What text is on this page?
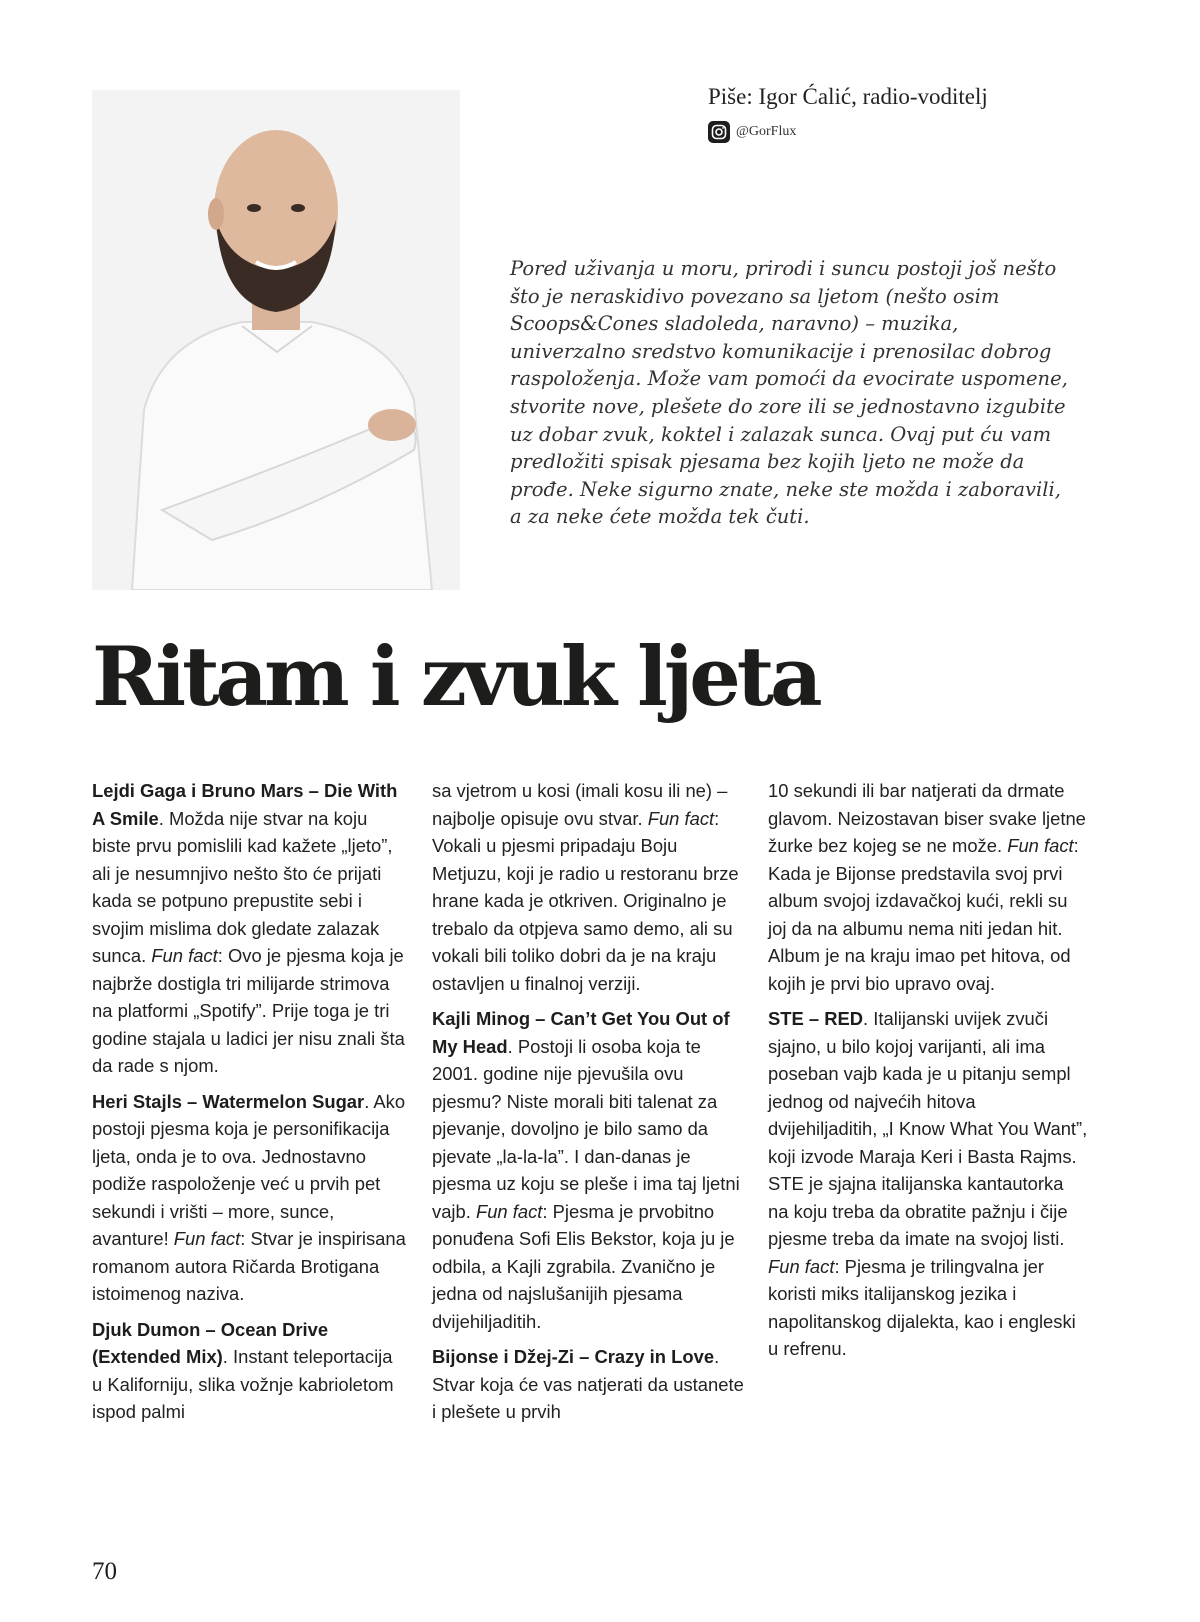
Piše: Igor Ćalić, radio-voditelj
@GorFlux

Pored uživanja u moru, prirodi i suncu postoji još nešto što je neraskidivo povezano sa ljetom (nešto osim Scoops&Cones sladoleda, naravno) – muzika, univerzalno sredstvo komunikacije i prenosilac dobrog raspoloženja. Može vam pomoći da evocirate uspomene, stvorite nove, plešete do zore ili se jednostavno izgubite uz dobar zvuk, koktel i zalazak sunca. Ovaj put ću vam predložiti spisak pjesama bez kojih ljeto ne može da prođe. Neke sigurno znate, neke ste možda i zaboravili, a za neke ćete možda tek čuti.

Ritam i zvuk ljeta

Lejdi Gaga i Bruno Mars – Die With A Smile. Možda nije stvar na koju biste prvu pomislili kad kažete „ljeto”, ali je nesumnjivo nešto što će prijati kada se potpuno prepustite sebi i svojim mislima dok gledate zalazak sunca. Fun fact: Ovo je pjesma koja je najbrže dostigla tri milijarde strimova na platformi „Spotify”. Prije toga je tri godine stajala u ladici jer nisu znali šta da rade s njom.

Heri Stajls – Watermelon Sugar. Ako postoji pjesma koja je personifikacija ljeta, onda je to ova. Jednostavno podiže raspoloženje već u prvih pet sekundi i vrišti – more, sunce, avanture! Fun fact: Stvar je inspirisana romanom autora Ričarda Brotigana istoimenog naziva.

Djuk Dumon – Ocean Drive (Extended Mix). Instant teleportacija u Kaliforniju, slika vožnje kabrioletom ispod palmi

sa vjetrom u kosi (imali kosu ili ne) – najbolje opisuje ovu stvar. Fun fact: Vokali u pjesmi pripadaju Boju Metjuzu, koji je radio u restoranu brze hrane kada je otkriven. Originalno je trebalo da otpjeva samo demo, ali su vokali bili toliko dobri da je na kraju ostavljen u finalnoj verziji.

Kajli Minog – Can’t Get You Out of My Head. Postoji li osoba koja te 2001. godine nije pjevušila ovu pjesmu? Niste morali biti talenat za pjevanje, dovoljno je bilo samo da pjevate „la-la-la”. I dan-danas je pjesma uz koju se pleše i ima taj ljetni vajb. Fun fact: Pjesma je prvobitno ponuđena Sofi Elis Bekstor, koja ju je odbila, a Kajli zgrabila. Zvanično je jedna od najslušanijih pjesama dvijehiljaditih.

Bijonse i Džej-Zi – Crazy in Love. Stvar koja će vas natjerati da ustanete i plešete u prvih

10 sekundi ili bar natjerati da drmate glavom. Neizostavan biser svake ljetne žurke bez kojeg se ne može. Fun fact: Kada je Bijonse predstavila svoj prvi album svojoj izdavačkoj kući, rekli su joj da na albumu nema niti jedan hit. Album je na kraju imao pet hitova, od kojih je prvi bio upravo ovaj.

STE – RED. Italijanski uvijek zvuči sjajno, u bilo kojoj varijanti, ali ima poseban vajb kada je u pitanju sempl jednog od najvećih hitova dvijehiljaditih, „I Know What You Want”, koji izvode Maraja Keri i Basta Rajms. STE je sjajna italijanska kantautorka na koju treba da obratite pažnju i čije pjesme treba da imate na svojoj listi. Fun fact: Pjesma je trilingvalna jer koristi miks italijanskog jezika i napolitanskog dijalekta, kao i engleski u refrenu.

70
